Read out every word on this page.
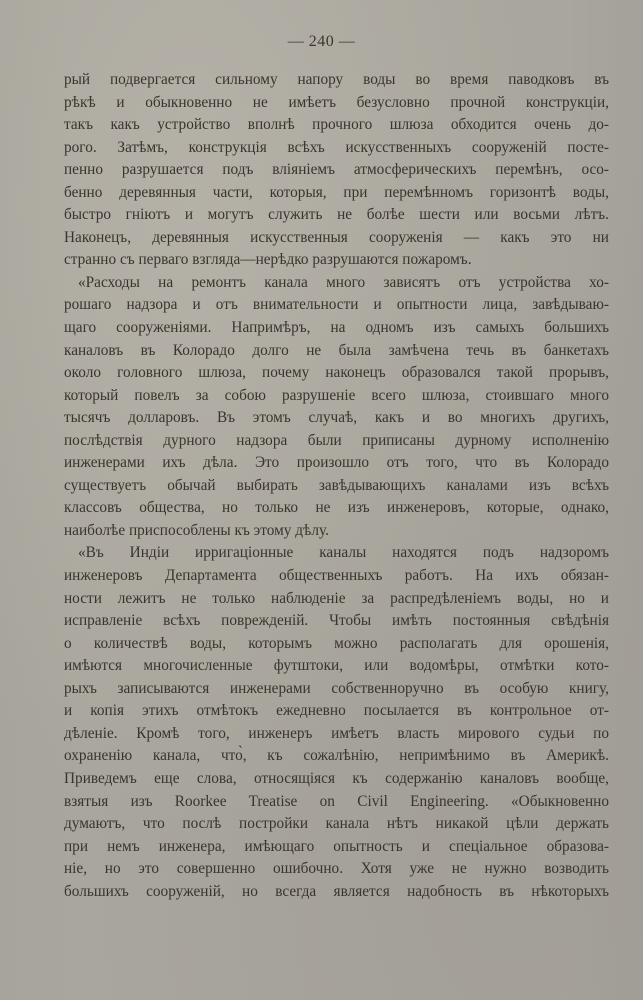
— 240 —
рый подвергается сильному напору воды во время паводковъ въ
рѣкѣ и обыкновенно не имѣетъ безусловно прочной конструкціи,
такъ какъ устройство вполнѣ прочного шлюза обходится очень до-
рого. Затѣмъ, конструкція всѣхъ искусственныхъ сооруженій посте-
пенно разрушается подъ вліяніемъ атмосферическихъ перемѣнъ, осо-
бенно деревянныя части, которыя, при перемѣнномъ горизонтѣ воды,
быстро гніютъ и могутъ служить не болѣе шести или восьми лѣтъ.
Наконецъ, деревянныя искусственныя сооруженія — какъ это ни
странно съ перваго взгляда—нерѣдко разрушаются пожаромъ.
«Расходы на ремонтъ канала много зависятъ отъ устройства хо-
рошаго надзора и отъ внимательности и опытности лица, завѣдываю-
щаго сооруженіями. Напримѣръ, на одномъ изъ самыхъ большихъ
каналовъ въ Колорадо долго не была замѣчена течь въ банкетахъ
около головного шлюза, почему наконецъ образовался такой прорывъ,
который повелъ за собою разрушеніе всего шлюза, стоившаго много
тысячъ долларовъ. Въ этомъ случаѣ, какъ и во многихъ другихъ,
послѣдствія дурного надзора были приписаны дурному исполненію
инженерами ихъ дѣла. Это произошло отъ того, что въ Колорадо
существуетъ обычай выбирать завѣдывающихъ каналами изъ всѣхъ
классовъ общества, но только не изъ инженеровъ, которые, однако,
наиболѣе приспособлены къ этому дѣлу.
«Въ Индіи ирригаціонные каналы находятся подъ надзоромъ
инженеровъ Департамента общественныхъ работъ. На ихъ обязан-
ности лежитъ не только наблюденіе за распредѣленіемъ воды, но и
исправленіе всѣхъ поврежденій. Чтобы имѣть постоянныя свѣдѣнія
о количествѣ воды, которымъ можно располагать для орошенія,
имѣются многочисленные футштоки, или водомѣры, отмѣтки кото-
рыхъ записываются инженерами собственноручно въ особую книгу,
и копія этихъ отмѣтокъ ежедневно посылается въ контрольное от-
дѣленіе. Кромѣ того, инженеръ имѣетъ власть мирового судьи по
охраненію канала, что̀, къ сожалѣнію, непримѣнимо въ Америкѣ.
Приведемъ еще слова, относящіяся къ содержанію каналовъ вообще,
взятыя изъ Roorkee Treatise on Civil Engineering. «Обыкновенно
думаютъ, что послѣ постройки канала нѣтъ никакой цѣли держать
при немъ инженера, имѣющаго опытность и спеціальное образова-
ніе, но это совершенно ошибочно. Хотя уже не нужно возводить
большихъ сооруженій, но всегда является надобность въ нѣкоторыхъ
